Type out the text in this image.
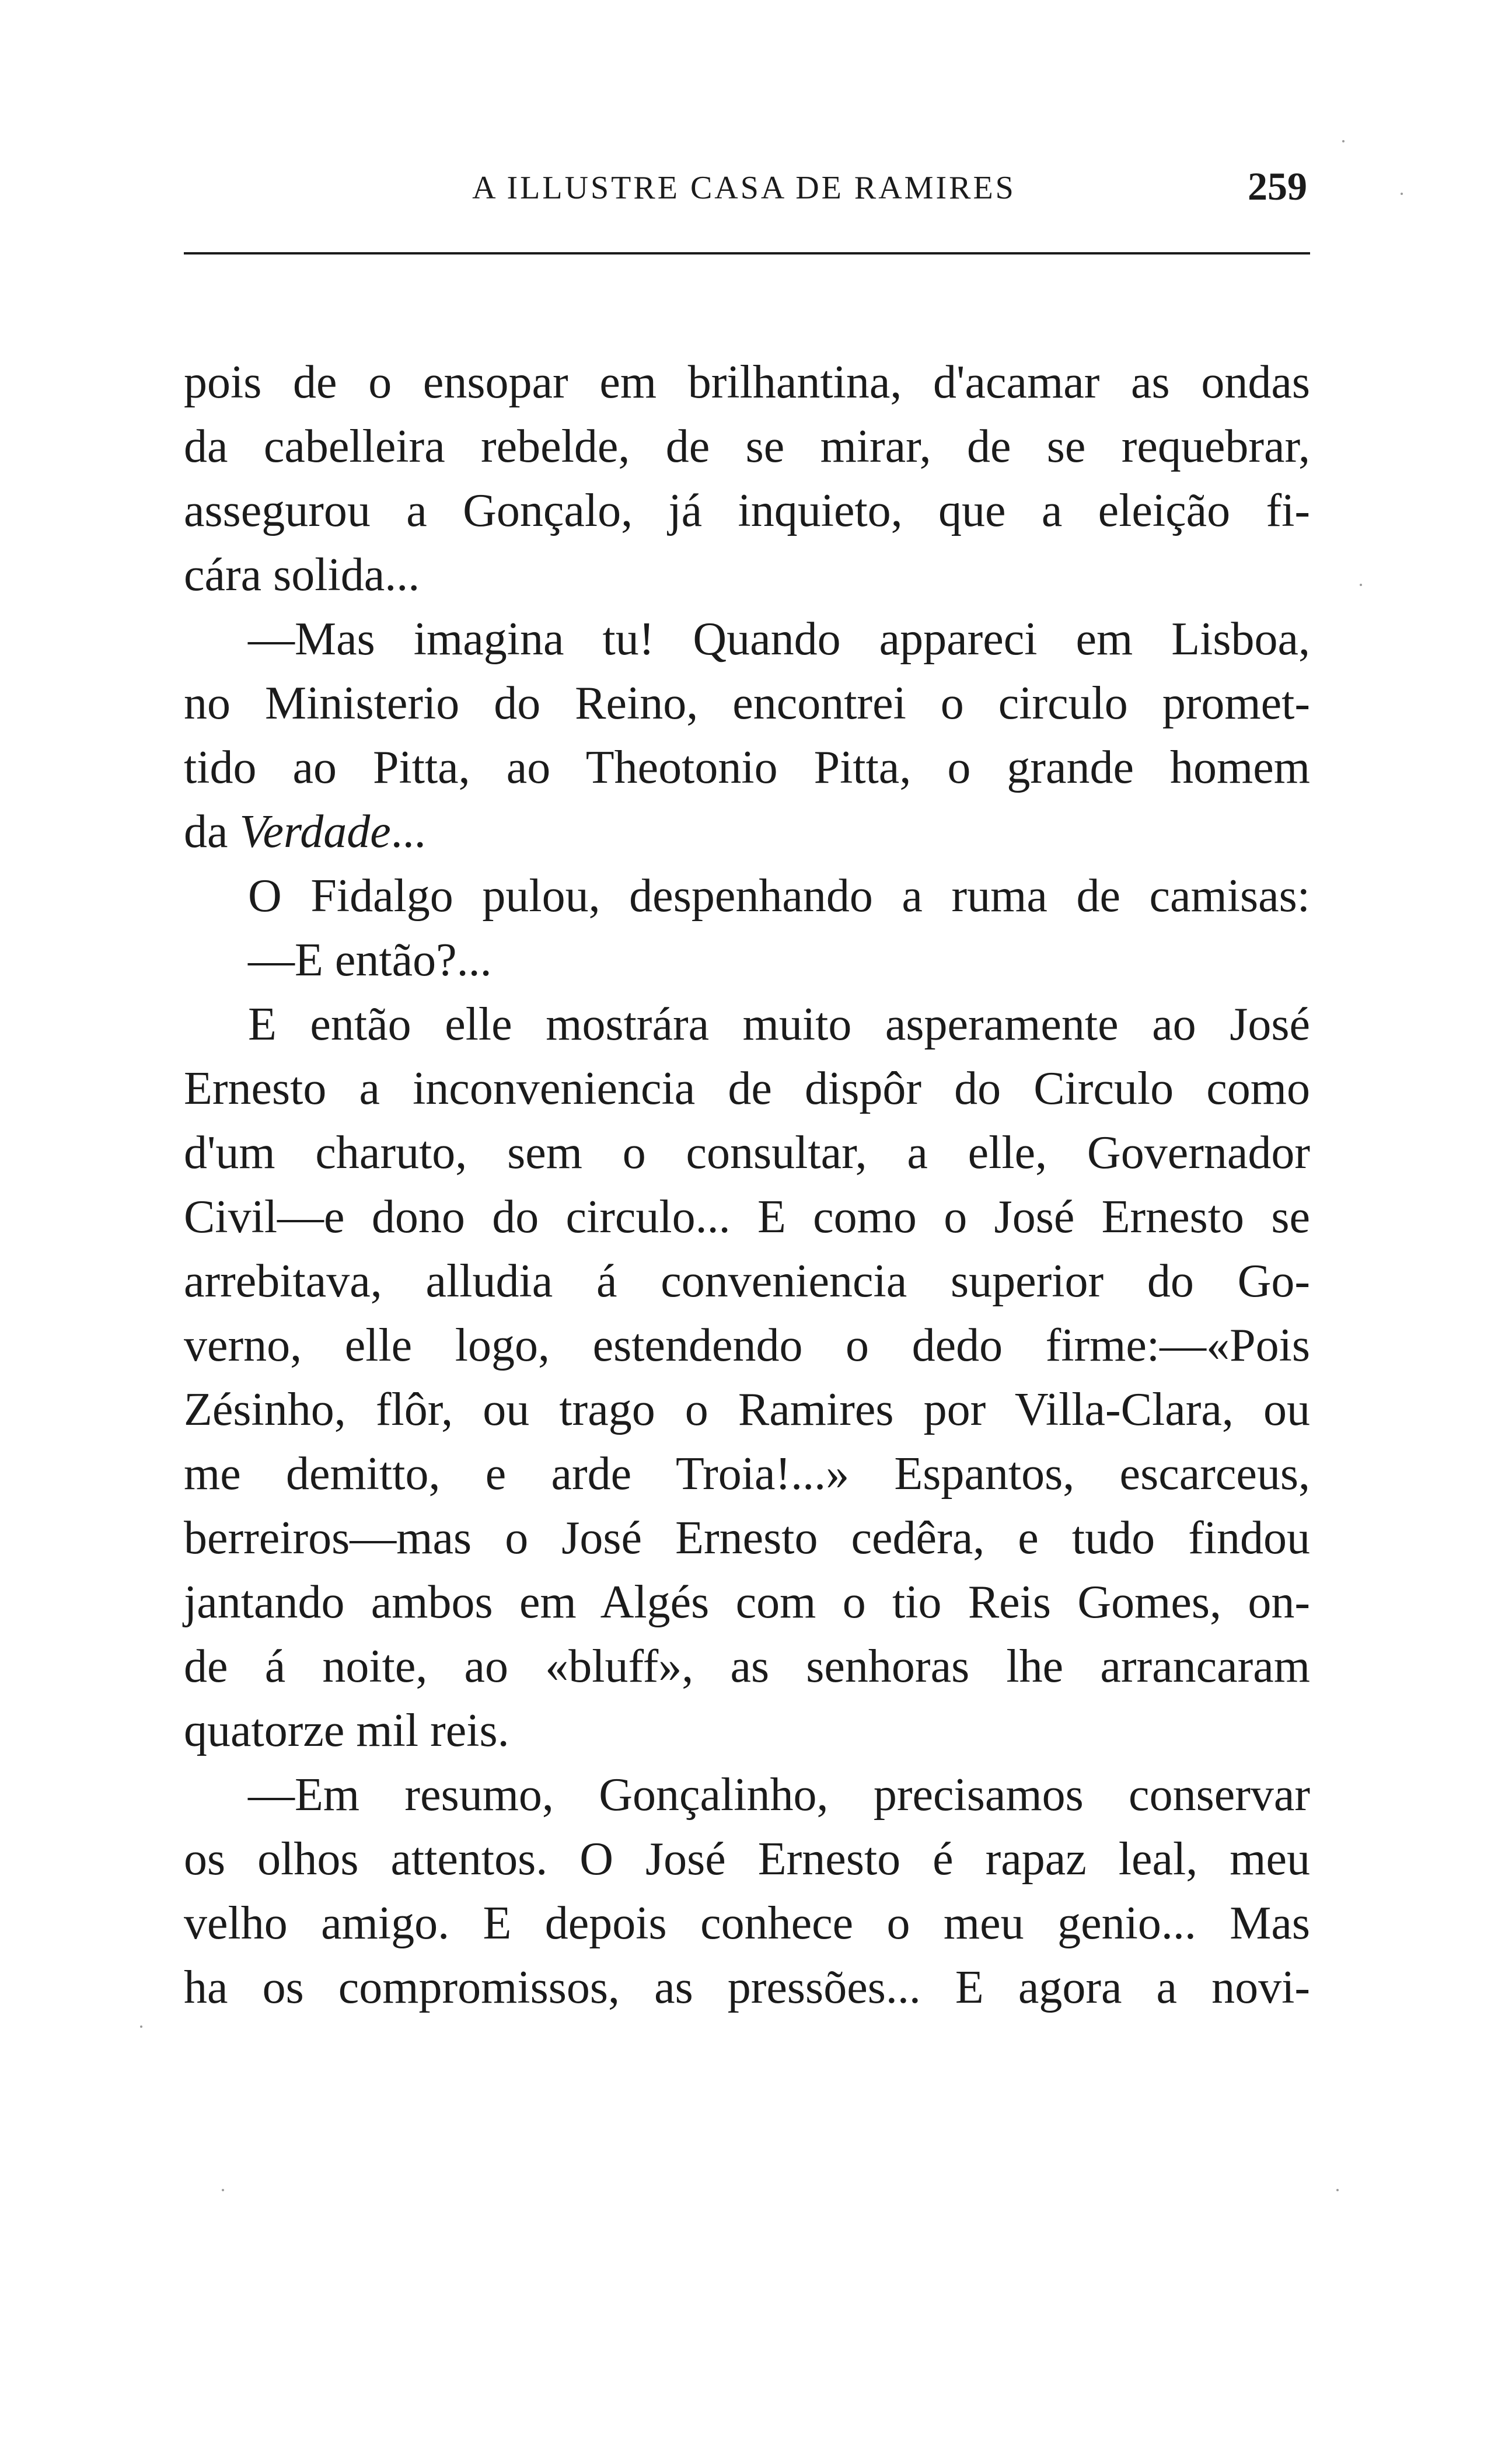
A ILLUSTRE CASA DE RAMIRES	259
pois de o ensopar em brilhantina, d'acamar as ondas
da cabelleira rebelde, de se mirar, de se requebrar,
assegurou a Gonçalo, já inquieto, que a eleição fi-
cára solida...
—Mas imagina tu! Quando appareci em Lisboa,
no Ministerio do Reino, encontrei o circulo promet-
tido ao Pitta, ao Theotonio Pitta, o grande homem
da Verdade...
O Fidalgo pulou, despenhando a ruma de camisas:
—E então?...
E então elle mostrára muito asperamente ao José
Ernesto a inconveniencia de dispôr do Circulo como
d'um charuto, sem o consultar, a elle, Governador
Civil—e dono do circulo... E como o José Ernesto se
arrebitava, alludia á conveniencia superior do Go-
verno, elle logo, estendendo o dedo firme:—«Pois
Zésinho, flôr, ou trago o Ramires por Villa-Clara, ou
me demitto, e arde Troia!...» Espantos, escarceus,
berreiros—mas o José Ernesto cedêra, e tudo findou
jantando ambos em Algés com o tio Reis Gomes, on-
de á noite, ao «bluff», as senhoras lhe arrancaram
quatorze mil reis.
—Em resumo, Gonçalinho, precisamos conservar
os olhos attentos. O José Ernesto é rapaz leal, meu
velho amigo. E depois conhece o meu genio... Mas
ha os compromissos, as pressões... E agora a novi-
